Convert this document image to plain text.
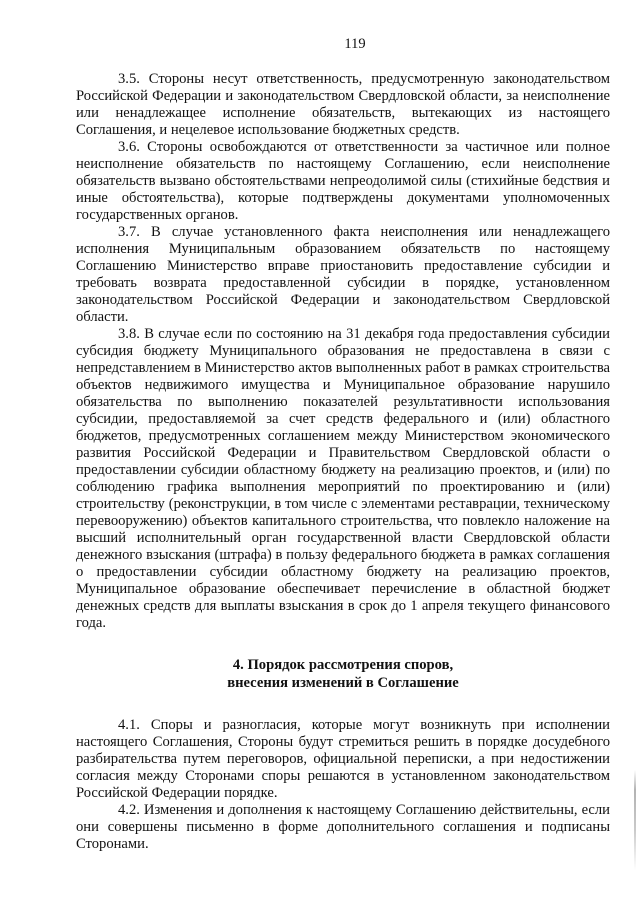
119

3.5. Стороны несут ответственность, предусмотренную законодательством Российской Федерации и законодательством Свердловской области, за неисполнение или ненадлежащее исполнение обязательств, вытекающих из настоящего Соглашения, и нецелевое использование бюджетных средств.

3.6. Стороны освобождаются от ответственности за частичное или полное неисполнение обязательств по настоящему Соглашению, если неисполнение обязательств вызвано обстоятельствами непреодолимой силы (стихийные бедствия и иные обстоятельства), которые подтверждены документами уполномоченных государственных органов.

3.7. В случае установленного факта неисполнения или ненадлежащего исполнения Муниципальным образованием обязательств по настоящему Соглашению Министерство вправе приостановить предоставление субсидии и требовать возврата предоставленной субсидии в порядке, установленном законодательством Российской Федерации и законодательством Свердловской области.

3.8. В случае если по состоянию на 31 декабря года предоставления субсидии субсидия бюджету Муниципального образования не предоставлена в связи с непредставлением в Министерство актов выполненных работ в рамках строительства объектов недвижимого имущества и Муниципальное образование нарушило обязательства по выполнению показателей результативности использования субсидии, предоставляемой за счет средств федерального и (или) областного бюджетов, предусмотренных соглашением между Министерством экономического развития Российской Федерации и Правительством Свердловской области о предоставлении субсидии областному бюджету на реализацию проектов, и (или) по соблюдению графика выполнения мероприятий по проектированию и (или) строительству (реконструкции, в том числе с элементами реставрации, техническому перевооружению) объектов капитального строительства, что повлекло наложение на высший исполнительный орган государственной власти Свердловской области денежного взыскания (штрафа) в пользу федерального бюджета в рамках соглашения о предоставлении субсидии областному бюджету на реализацию проектов, Муниципальное образование обеспечивает перечисление в областной бюджет денежных средств для выплаты взыскания в срок до 1 апреля текущего финансового года.

4. Порядок рассмотрения споров,
внесения изменений в Соглашение

4.1. Споры и разногласия, которые могут возникнуть при исполнении настоящего Соглашения, Стороны будут стремиться решить в порядке досудебного разбирательства путем переговоров, официальной переписки, а при недостижении согласия между Сторонами споры решаются в установленном законодательством Российской Федерации порядке.

4.2. Изменения и дополнения к настоящему Соглашению действительны, если они совершены письменно в форме дополнительного соглашения и подписаны Сторонами.
